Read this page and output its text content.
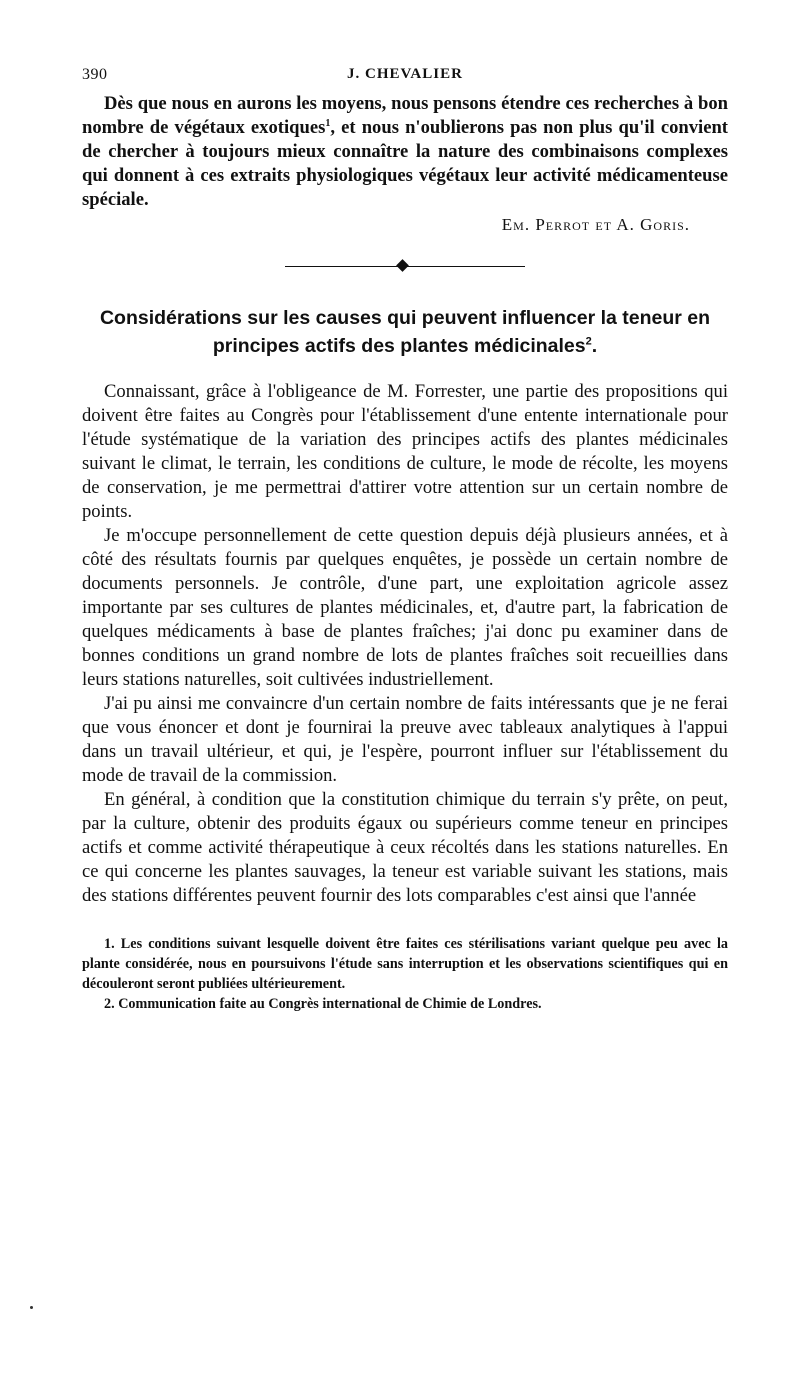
390	J. CHEVALIER

Dès que nous en aurons les moyens, nous pensons étendre ces recherches à bon nombre de végétaux exotiques$^1$, et nous n'oublierons pas non plus qu'il convient de chercher à toujours mieux connaître la nature des combinaisons complexes qui donnent à ces extraits physiologiques végétaux leur activité médicamenteuse spéciale.

Em. Perrot et A. Goris.
Considérations sur les causes qui peuvent influencer la teneur en principes actifs des plantes médicinales$^2$.

Connaissant, grâce à l'obligeance de M. Forrester, une partie des propositions qui doivent être faites au Congrès pour l'établissement d'une entente internationale pour l'étude systématique de la variation des principes actifs des plantes médicinales suivant le climat, le terrain, les conditions de culture, le mode de récolte, les moyens de conservation, je me permettrai d'attirer votre attention sur un certain nombre de points.

Je m'occupe personnellement de cette question depuis déjà plusieurs années, et à côté des résultats fournis par quelques enquêtes, je possède un certain nombre de documents personnels. Je contrôle, d'une part, une exploitation agricole assez importante par ses cultures de plantes médicinales, et, d'autre part, la fabrication de quelques médicaments à base de plantes fraîches; j'ai donc pu examiner dans de bonnes conditions un grand nombre de lots de plantes fraîches soit recueillies dans leurs stations naturelles, soit cultivées industriellement.

J'ai pu ainsi me convaincre d'un certain nombre de faits intéressants que je ne ferai que vous énoncer et dont je fournirai la preuve avec tableaux analytiques à l'appui dans un travail ultérieur, et qui, je l'espère, pourront influer sur l'établissement du mode de travail de la commission.

En général, à condition que la constitution chimique du terrain s'y prête, on peut, par la culture, obtenir des produits égaux ou supérieurs comme teneur en principes actifs et comme activité thérapeutique à ceux récoltés dans les stations naturelles. En ce qui concerne les plantes sauvages, la teneur est variable suivant les stations, mais des stations différentes peuvent fournir des lots comparables c'est ainsi que l'année

1. Les conditions suivant lesquelle doivent être faites ces stérilisations variant quelque peu avec la plante considérée, nous en poursuivons l'étude sans interruption et les observations scientifiques qui en découleront seront publiées ultérieurement.

2. Communication faite au Congrès international de Chimie de Londres.
